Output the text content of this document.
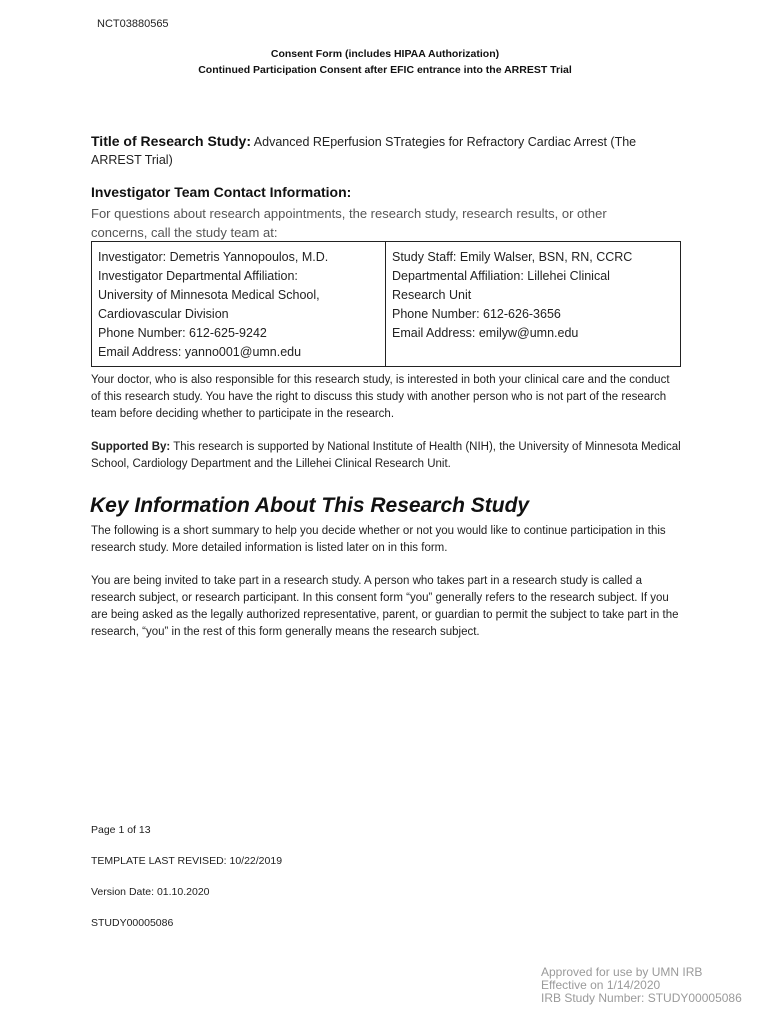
NCT03880565
Consent Form (includes HIPAA Authorization)
Continued Participation Consent after EFIC entrance into the ARREST Trial
Title of Research Study: Advanced REperfusion STrategies for Refractory Cardiac Arrest (The ARREST Trial)
Investigator Team Contact Information:
For questions about research appointments, the research study, research results, or other concerns, call the study team at:
Investigator: Demetris Yannopoulos, M.D.
Investigator Departmental Affiliation:
University of Minnesota Medical School,
Cardiovascular Division
Phone Number: 612-625-9242
Email Address: yanno001@umn.edu

Study Staff: Emily Walser, BSN, RN, CCRC
Departmental Affiliation: Lillehei Clinical
Research Unit
Phone Number: 612-626-3656
Email Address: emilyw@umn.edu
Your doctor, who is also responsible for this research study, is interested in both your clinical care and the conduct of this research study. You have the right to discuss this study with another person who is not part of the research team before deciding whether to participate in the research.
Supported By: This research is supported by National Institute of Health (NIH), the University of Minnesota Medical School, Cardiology Department and the Lillehei Clinical Research Unit.
Key Information About This Research Study
The following is a short summary to help you decide whether or not you would like to continue participation in this research study. More detailed information is listed later on in this form.
You are being invited to take part in a research study. A person who takes part in a research study is called a research subject, or research participant. In this consent form “you” generally refers to the research subject. If you are being asked as the legally authorized representative, parent, or guardian to permit the subject to take part in the research, “you” in the rest of this form generally means the research subject.
Page 1 of 13
TEMPLATE LAST REVISED: 10/22/2019
Version Date: 01.10.2020
STUDY00005086
Approved for use by UMN IRB
Effective on 1/14/2020
IRB Study Number: STUDY00005086
